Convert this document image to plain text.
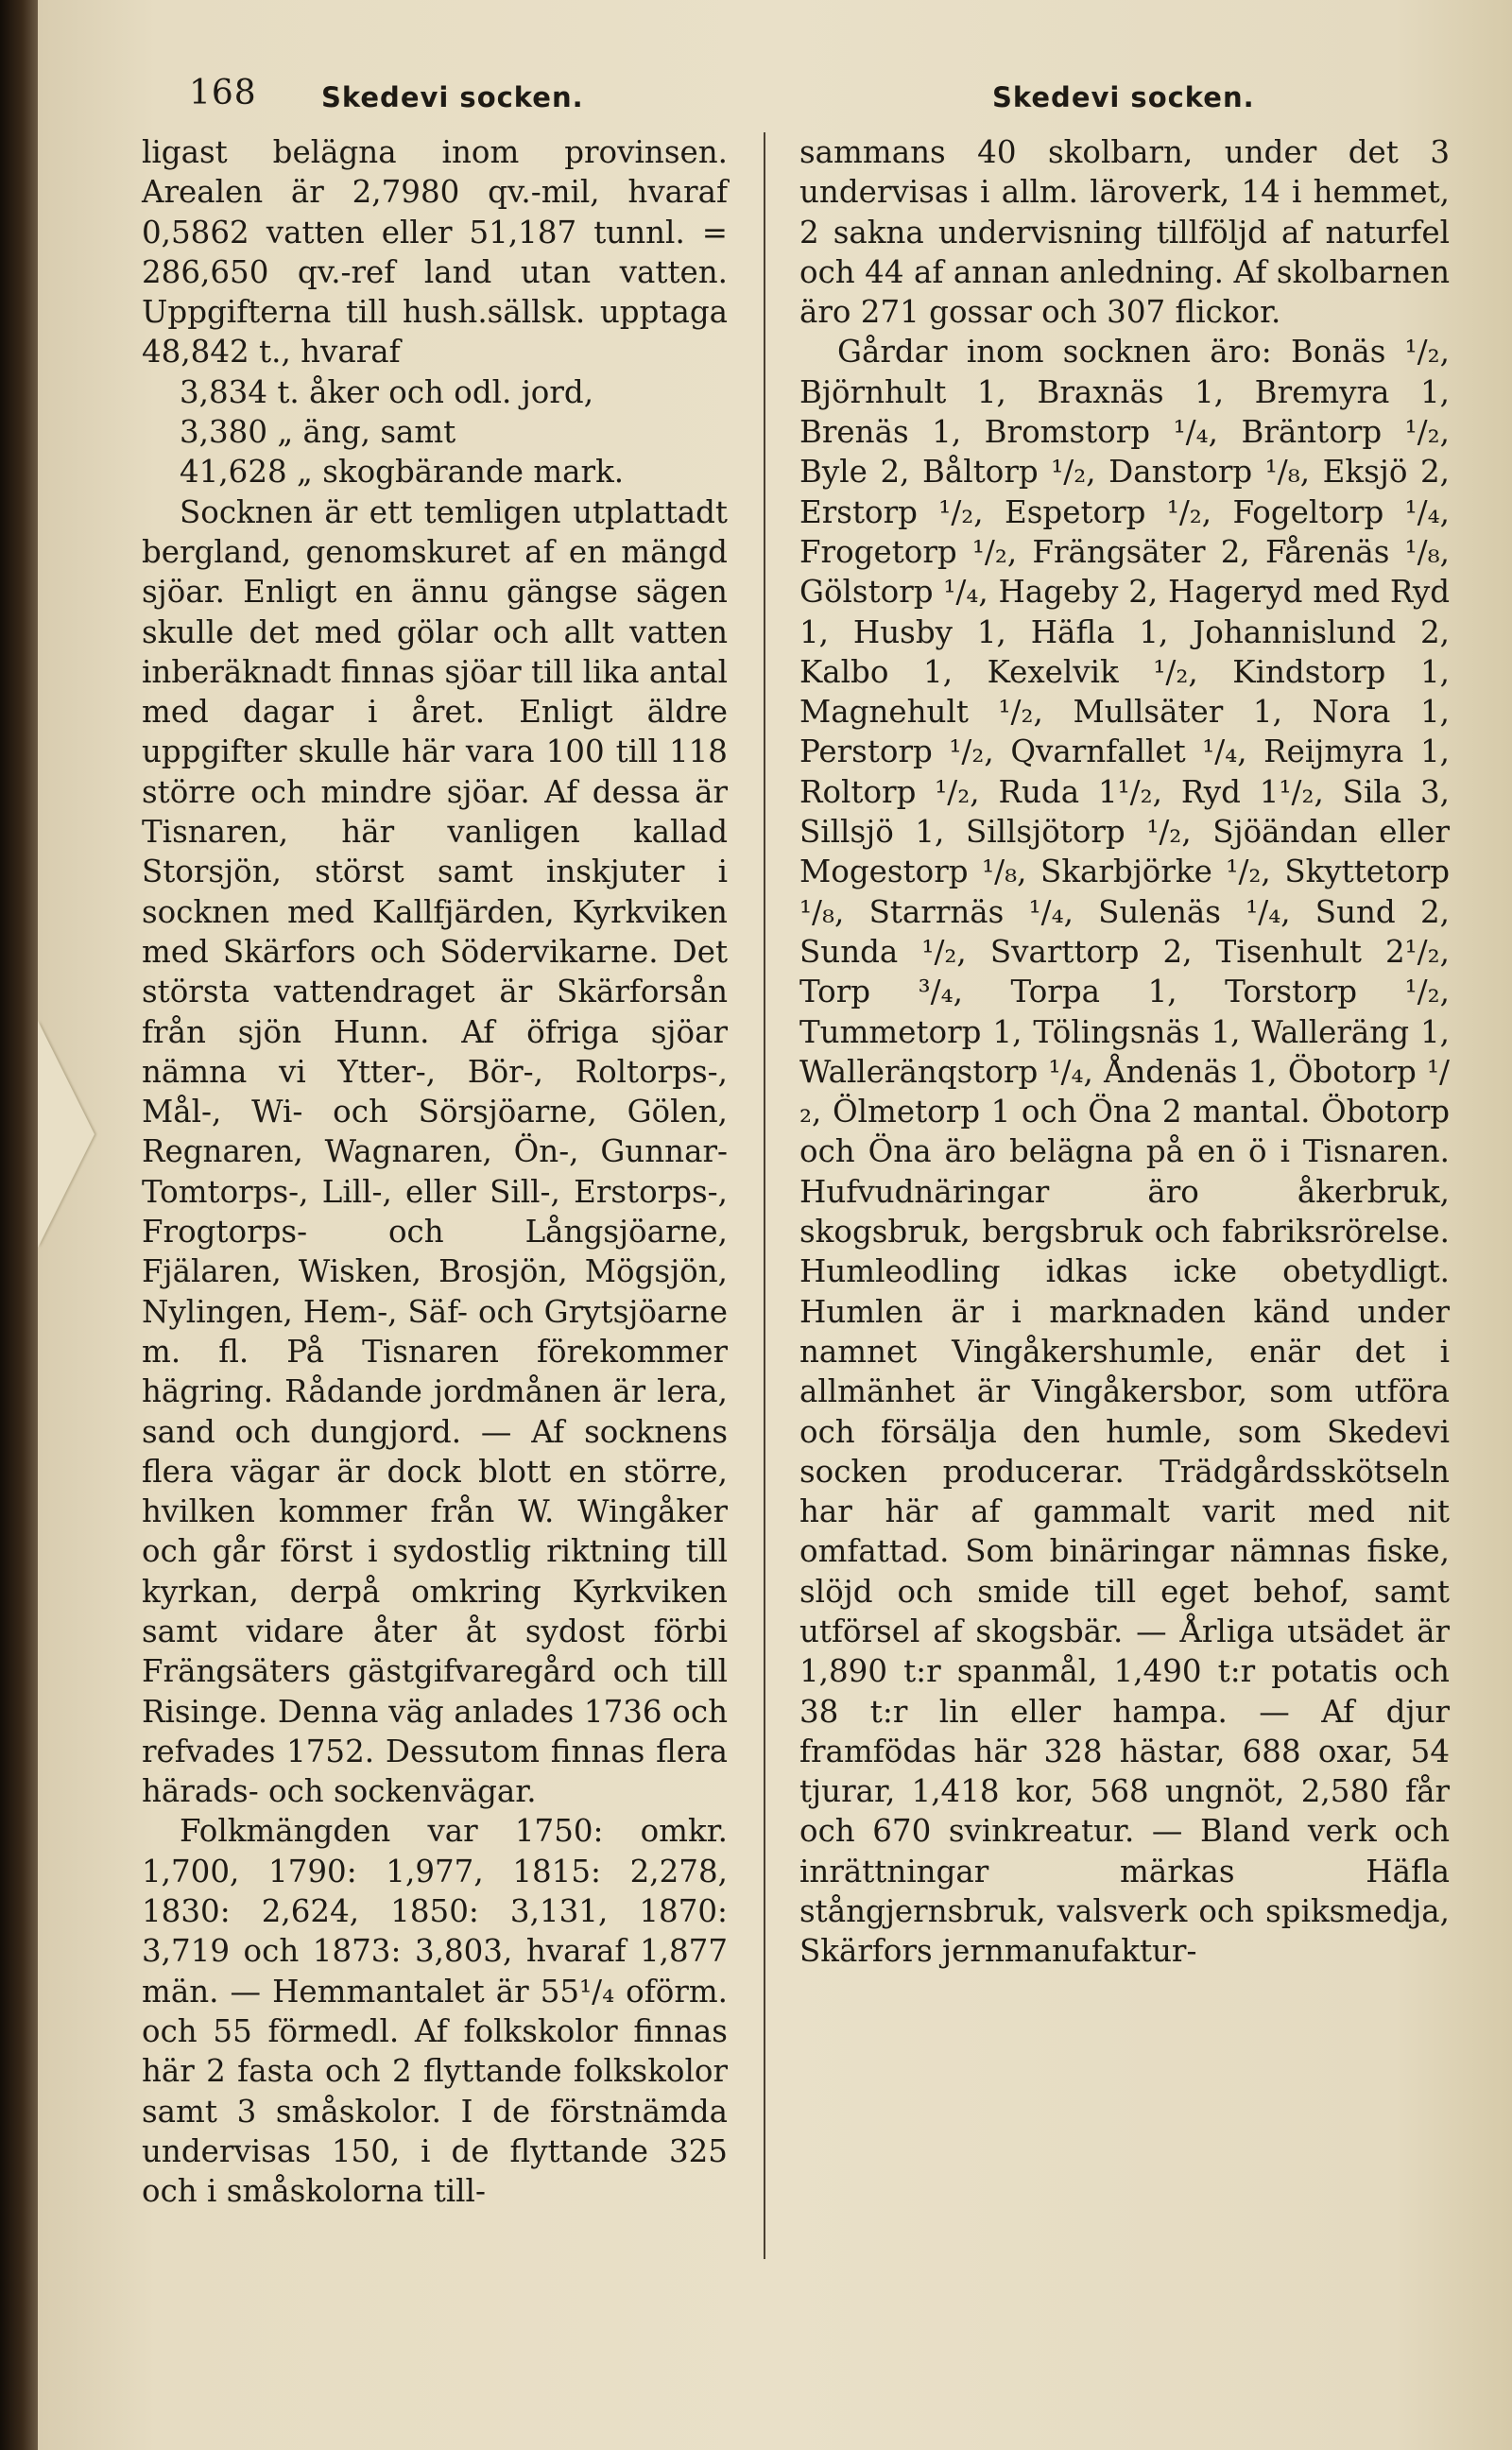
168 Skedevi socken.	Skedevi socken.

ligast belägna inom provinsen. Arealen är 2,7980 qv.-mil, hvaraf 0,5862 vatten eller 51,187 tunnl. = 286,650 qv.-ref land utan vatten. Uppgifterna till hush.sällsk. upptaga 48,842 t., hvaraf

3,834 t. åker och odl. jord,
3,380 „ äng, samt
41,628 „ skogbärande mark.

Socknen är ett temligen utplattadt bergland, genomskuret af en mängd sjöar. Enligt en ännu gängse sägen skulle det med gölar och allt vatten inberäknadt finnas sjöar till lika antal med dagar i året. Enligt äldre uppgifter skulle här vara 100 till 118 större och mindre sjöar. Af dessa är Tisnaren, här vanligen kallad Storsjön, störst samt inskjuter i socknen med Kallfjärden, Kyrkviken med Skärfors och Södervikarne. Det största vattendraget är Skärforsån från sjön Hunn. Af öfriga sjöar nämna vi Ytter-, Bör-, Roltorps-, Mål-, Wi- och Sörsjöarne, Gölen, Regnaren, Wagnaren, Ön-, Gunnar-Tomtorps-, Lill-, eller Sill-, Erstorps-, Frogtorps- och Långsjöarne, Fjälaren, Wisken, Brosjön, Mögsjön, Nylingen, Hem-, Säf- och Grytsjöarne m. fl. På Tisnaren förekommer hägring. Rådande jordmånen är lera, sand och dungjord. — Af socknens flera vägar är dock blott en större, hvilken kommer från W. Wingåker och går först i sydostlig riktning till kyrkan, derpå omkring Kyrkviken samt vidare åter åt sydost förbi Frängsäters gästgifvaregård och till Risinge. Denna väg anlades 1736 och refvades 1752. Dessutom finnas flera härads- och sockenvägar.

Folkmängden var 1750: omkr. 1,700, 1790: 1,977, 1815: 2,278, 1830: 2,624, 1850: 3,131, 1870: 3,719 och 1873: 3,803, hvaraf 1,877 män. — Hemmantalet är 55¹/₄ oförm. och 55 förmedl. Af folkskolor finnas här 2 fasta och 2 flyttande folkskolor samt 3 småskolor. I de förstnämda undervisas 150, i de flyttande 325 och i småskolorna till-

sammans 40 skolbarn, under det 3 undervisas i allm. läroverk, 14 i hemmet, 2 sakna undervisning tillföljd af naturfel och 44 af annan anledning. Af skolbarnen äro 271 gossar och 307 flickor.

Gårdar inom socknen äro: Bonäs ¹/₂, Björnhult 1, Braxnäs 1, Bremyra 1, Brenäs 1, Bromstorp ¹/₄, Bräntorp ¹/₂, Byle 2, Båltorp ¹/₂, Danstorp ¹/₈, Eksjö 2, Erstorp ¹/₂, Espetorp ¹/₂, Fogeltorp ¹/₄, Frogetorp ¹/₂, Frängsäter 2, Fårenäs ¹/₈, Gölstorp ¹/₄, Hageby 2, Hageryd med Ryd 1, Husby 1, Häfla 1, Johannislund 2, Kalbo 1, Kexelvik ¹/₂, Kindstorp 1, Magnehult ¹/₂, Mullsäter 1, Nora 1, Perstorp ¹/₂, Qvarnfallet ¹/₄, Reijmyra 1, Roltorp ¹/₂, Ruda 1¹/₂, Ryd 1¹/₂, Sila 3, Sillsjö 1, Sillsjötorp ¹/₂, Sjöändan eller Mogestorp ¹/₈, Skarbjörke ¹/₂, Skyttetorp ¹/₈, Starrnäs ¹/₄, Sulenäs ¹/₄, Sund 2, Sunda ¹/₂, Svarttorp 2, Tisenhult 2¹/₂, Torp ³/₄, Torpa 1, Torstorp ¹/₂, Tummetorp 1, Tölingsnäs 1, Walleräng 1, Walleränqstorp ¹/₄, Åndenäs 1, Öbotorp ¹/₂, Ölmetorp 1 och Öna 2 mantal. Öbotorp och Öna äro belägna på en ö i Tisnaren. Hufvudnäringar äro åkerbruk, skogsbruk, bergsbruk och fabriksrörelse. Humleodling idkas icke obetydligt. Humlen är i marknaden känd under namnet Vingåkershumle, enär det i allmänhet är Vingåkersbor, som utföra och försälja den humle, som Skedevi socken producerar. Trädgårdsskötseln har här af gammalt varit med nit omfattad. Som binäringar nämnas fiske, slöjd och smide till eget behof, samt utförsel af skogsbär. — Årliga utsädet är 1,890 t:r spanmål, 1,490 t:r potatis och 38 t:r lin eller hampa. — Af djur framfödas här 328 hästar, 688 oxar, 54 tjurar, 1,418 kor, 568 ungnöt, 2,580 får och 670 svinkreatur. — Bland verk och inrättningar märkas Häfla stångjernsbruk, valsverk och spiksmedja, Skärfors jernmanufaktur-
